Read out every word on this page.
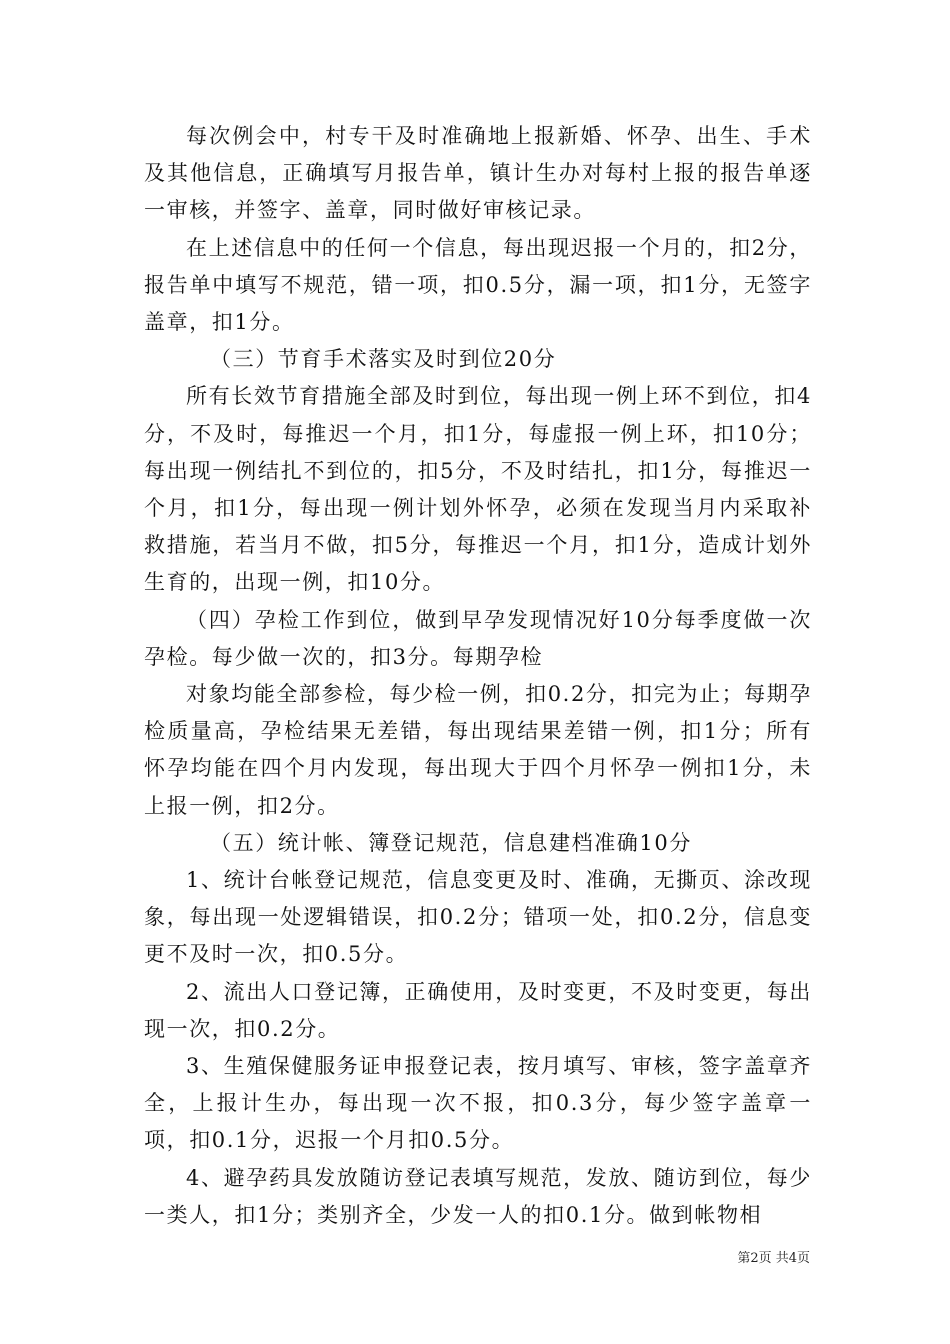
每次例会中，村专干及时准确地上报新婚、怀孕、出生、手术及其他信息，正确填写月报告单，镇计生办对每村上报的报告单逐一审核，并签字、盖章，同时做好审核记录。

在上述信息中的任何一个信息，每出现迟报一个月的，扣2分，报告单中填写不规范，错一项，扣0.5分，漏一项，扣1分，无签字盖章，扣1分。

（三）节育手术落实及时到位20分

所有长效节育措施全部及时到位，每出现一例上环不到位，扣4分，不及时，每推迟一个月，扣1分，每虚报一例上环，扣10分；每出现一例结扎不到位的，扣5分，不及时结扎，扣1分，每推迟一个月，扣1分，每出现一例计划外怀孕，必须在发现当月内采取补救措施，若当月不做，扣5分，每推迟一个月，扣1分，造成计划外生育的，出现一例，扣10分。

（四）孕检工作到位，做到早孕发现情况好10分每季度做一次孕检。每少做一次的，扣3分。每期孕检

对象均能全部参检，每少检一例，扣0.2分，扣完为止；每期孕检质量高，孕检结果无差错，每出现结果差错一例，扣1分；所有怀孕均能在四个月内发现，每出现大于四个月怀孕一例扣1分，未上报一例，扣2分。

（五）统计帐、簿登记规范，信息建档准确10分

1、统计台帐登记规范，信息变更及时、准确，无撕页、涂改现象，每出现一处逻辑错误，扣0.2分；错项一处，扣0.2分，信息变更不及时一次，扣0.5分。

2、流出人口登记簿，正确使用，及时变更，不及时变更，每出现一次，扣0.2分。

3、生殖保健服务证申报登记表，按月填写、审核，签字盖章齐全，上报计生办，每出现一次不报，扣0.3分，每少签字盖章一项，扣0.1分，迟报一个月扣0.5分。

4、避孕药具发放随访登记表填写规范，发放、随访到位，每少一类人，扣1分；类别齐全，少发一人的扣0.1分。做到帐物相

第2页 共4页
